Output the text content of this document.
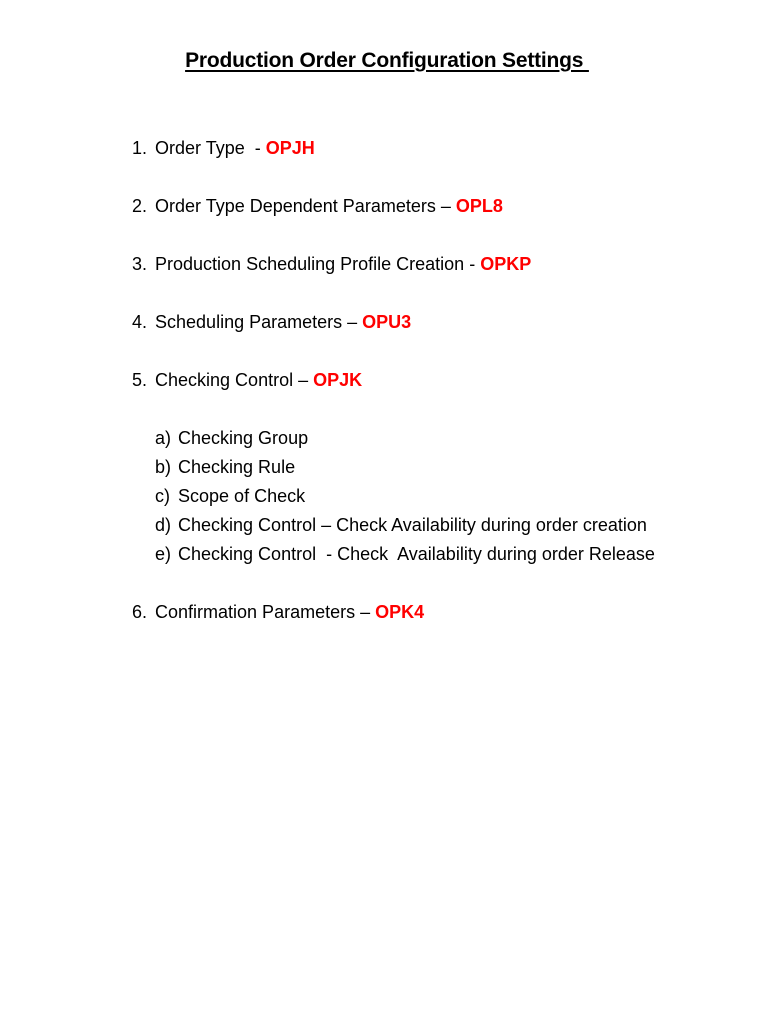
Production Order Configuration Settings

1. Order Type  - OPJH

2. Order Type Dependent Parameters – OPL8

3. Production Scheduling Profile Creation - OPKP

4. Scheduling Parameters – OPU3

5. Checking Control – OPJK

a) Checking Group

b) Checking Rule

c) Scope of Check

d) Checking Control – Check Availability during order creation

e) Checking Control  - Check  Availability during order Release

6. Confirmation Parameters – OPK4
